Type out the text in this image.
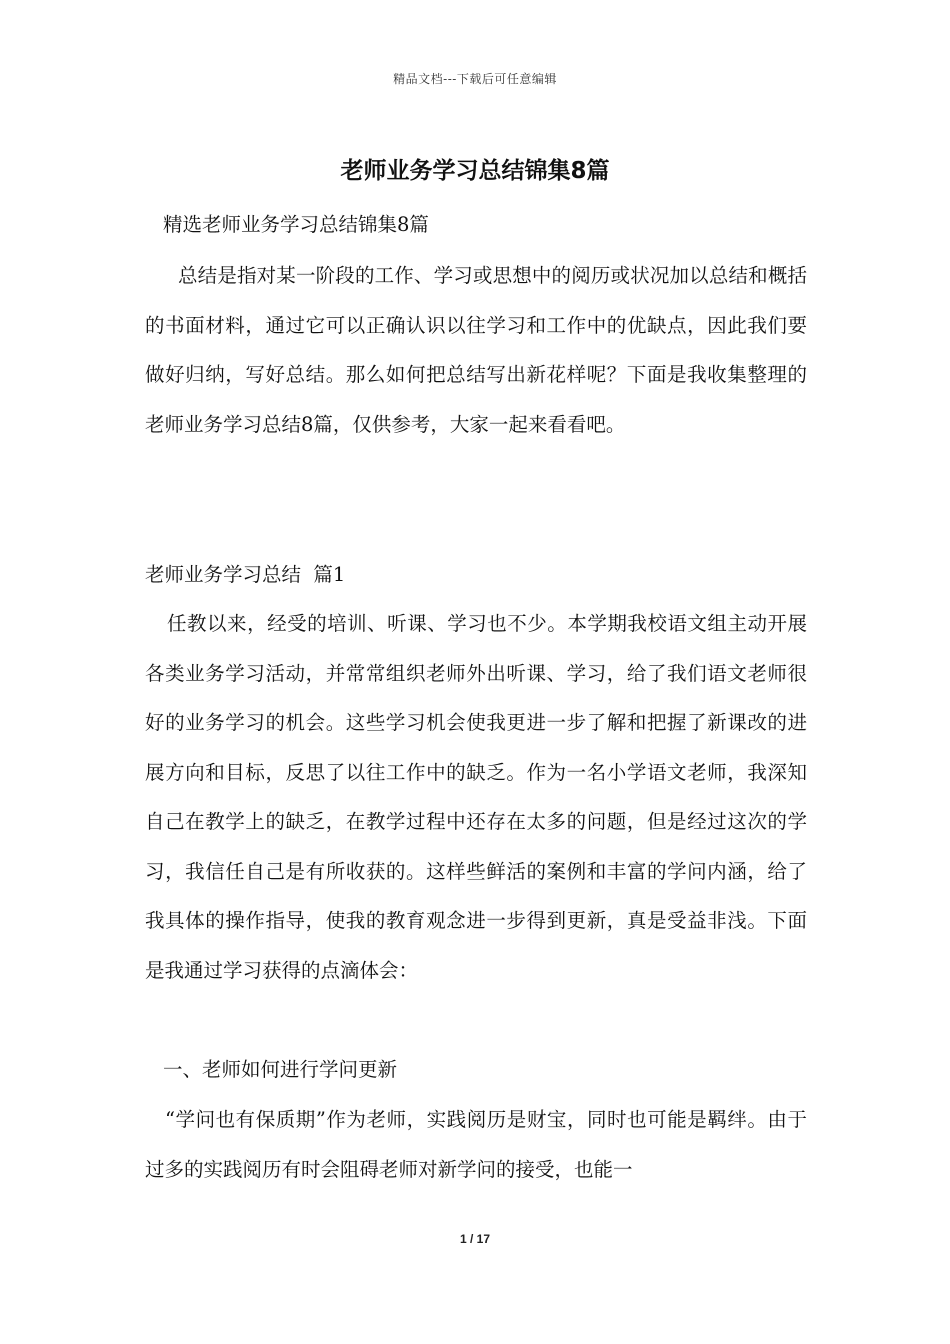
精品文档---下载后可任意编辑
老师业务学习总结锦集8篇

精选老师业务学习总结锦集8篇

总结是指对某一阶段的工作、学习或思想中的阅历或状况加以总结和概括的书面材料，通过它可以正确认识以往学习和工作中的优缺点，因此我们要做好归纳，写好总结。那么如何把总结写出新花样呢？下面是我收集整理的老师业务学习总结8篇，仅供参考，大家一起来看看吧。

老师业务学习总结  篇1

任教以来，经受的培训、听课、学习也不少。本学期我校语文组主动开展各类业务学习活动，并常常组织老师外出听课、学习，给了我们语文老师很好的业务学习的机会。这些学习机会使我更进一步了解和把握了新课改的进展方向和目标，反思了以往工作中的缺乏。作为一名小学语文老师，我深知自己在教学上的缺乏，在教学过程中还存在太多的问题，但是经过这次的学习，我信任自己是有所收获的。这样些鲜活的案例和丰富的学问内涵，给了我具体的操作指导，使我的教育观念进一步得到更新，真是受益非浅。下面是我通过学习获得的点滴体会：

一、老师如何进行学问更新

“学问也有保质期”作为老师，实践阅历是财宝，同时也可能是羁绊。由于过多的实践阅历有时会阻碍老师对新学问的接受，也能一

1 / 17
